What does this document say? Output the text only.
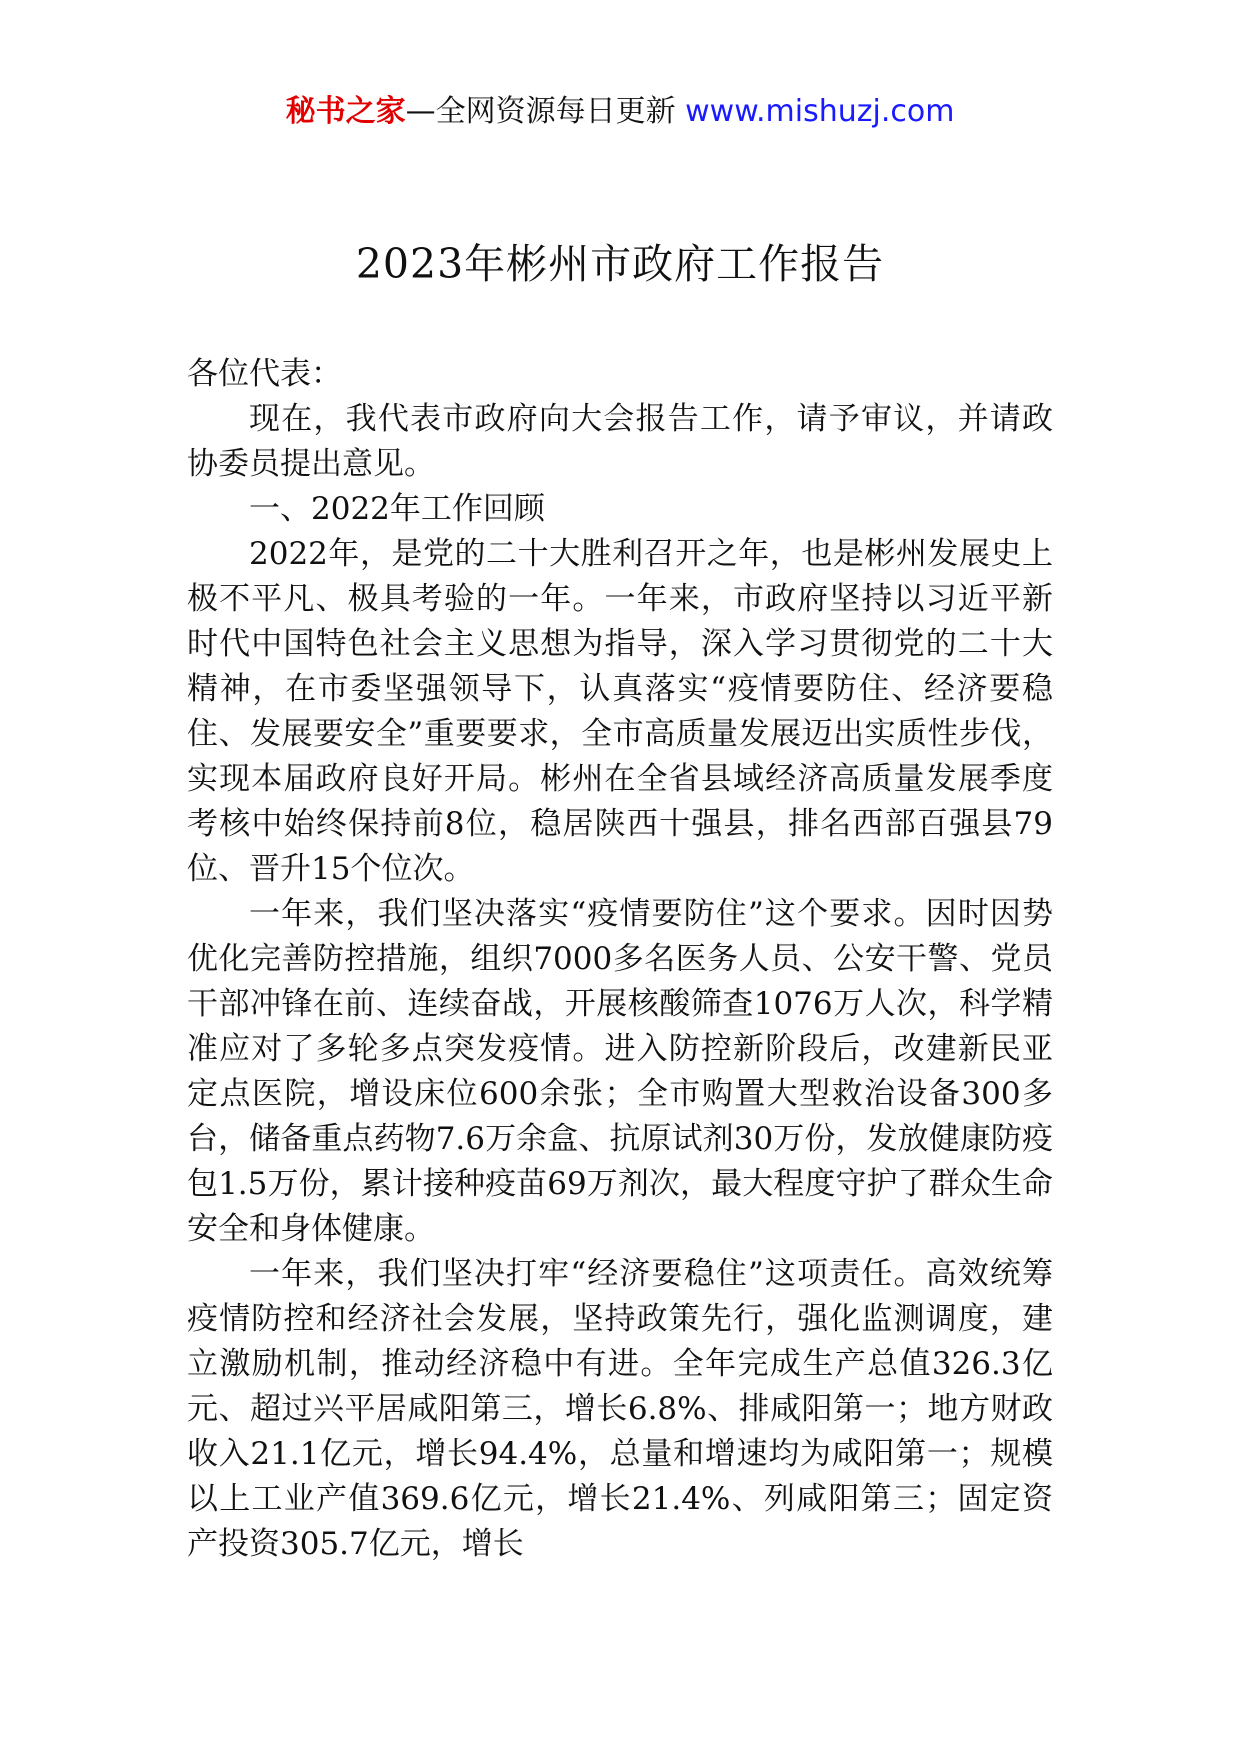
秘书之家—全网资源每日更新 www.mishuzj.com
2023年彬州市政府工作报告

各位代表：

现在，我代表市政府向大会报告工作，请予审议，并请政协委员提出意见。

一、2022年工作回顾

2022年，是党的二十大胜利召开之年，也是彬州发展史上极不平凡、极具考验的一年。一年来，市政府坚持以习近平新时代中国特色社会主义思想为指导，深入学习贯彻党的二十大精神，在市委坚强领导下，认真落实“疫情要防住、经济要稳住、发展要安全”重要要求，全市高质量发展迈出实质性步伐，实现本届政府良好开局。彬州在全省县域经济高质量发展季度考核中始终保持前8位，稳居陕西十强县，排名西部百强县79位、晋升15个位次。

一年来，我们坚决落实“疫情要防住”这个要求。因时因势优化完善防控措施，组织7000多名医务人员、公安干警、党员干部冲锋在前、连续奋战，开展核酸筛查1076万人次，科学精准应对了多轮多点突发疫情。进入防控新阶段后，改建新民亚定点医院，增设床位600余张；全市购置大型救治设备300多台，储备重点药物7.6万余盒、抗原试剂30万份，发放健康防疫包1.5万份，累计接种疫苗69万剂次，最大程度守护了群众生命安全和身体健康。

一年来，我们坚决打牢“经济要稳住”这项责任。高效统筹疫情防控和经济社会发展，坚持政策先行，强化监测调度，建立激励机制，推动经济稳中有进。全年完成生产总值326.3亿元、超过兴平居咸阳第三，增长6.8%、排咸阳第一；地方财政收入21.1亿元，增长94.4%，总量和增速均为咸阳第一；规模以上工业产值369.6亿元，增长21.4%、列咸阳第三；固定资产投资305.7亿元，增长
